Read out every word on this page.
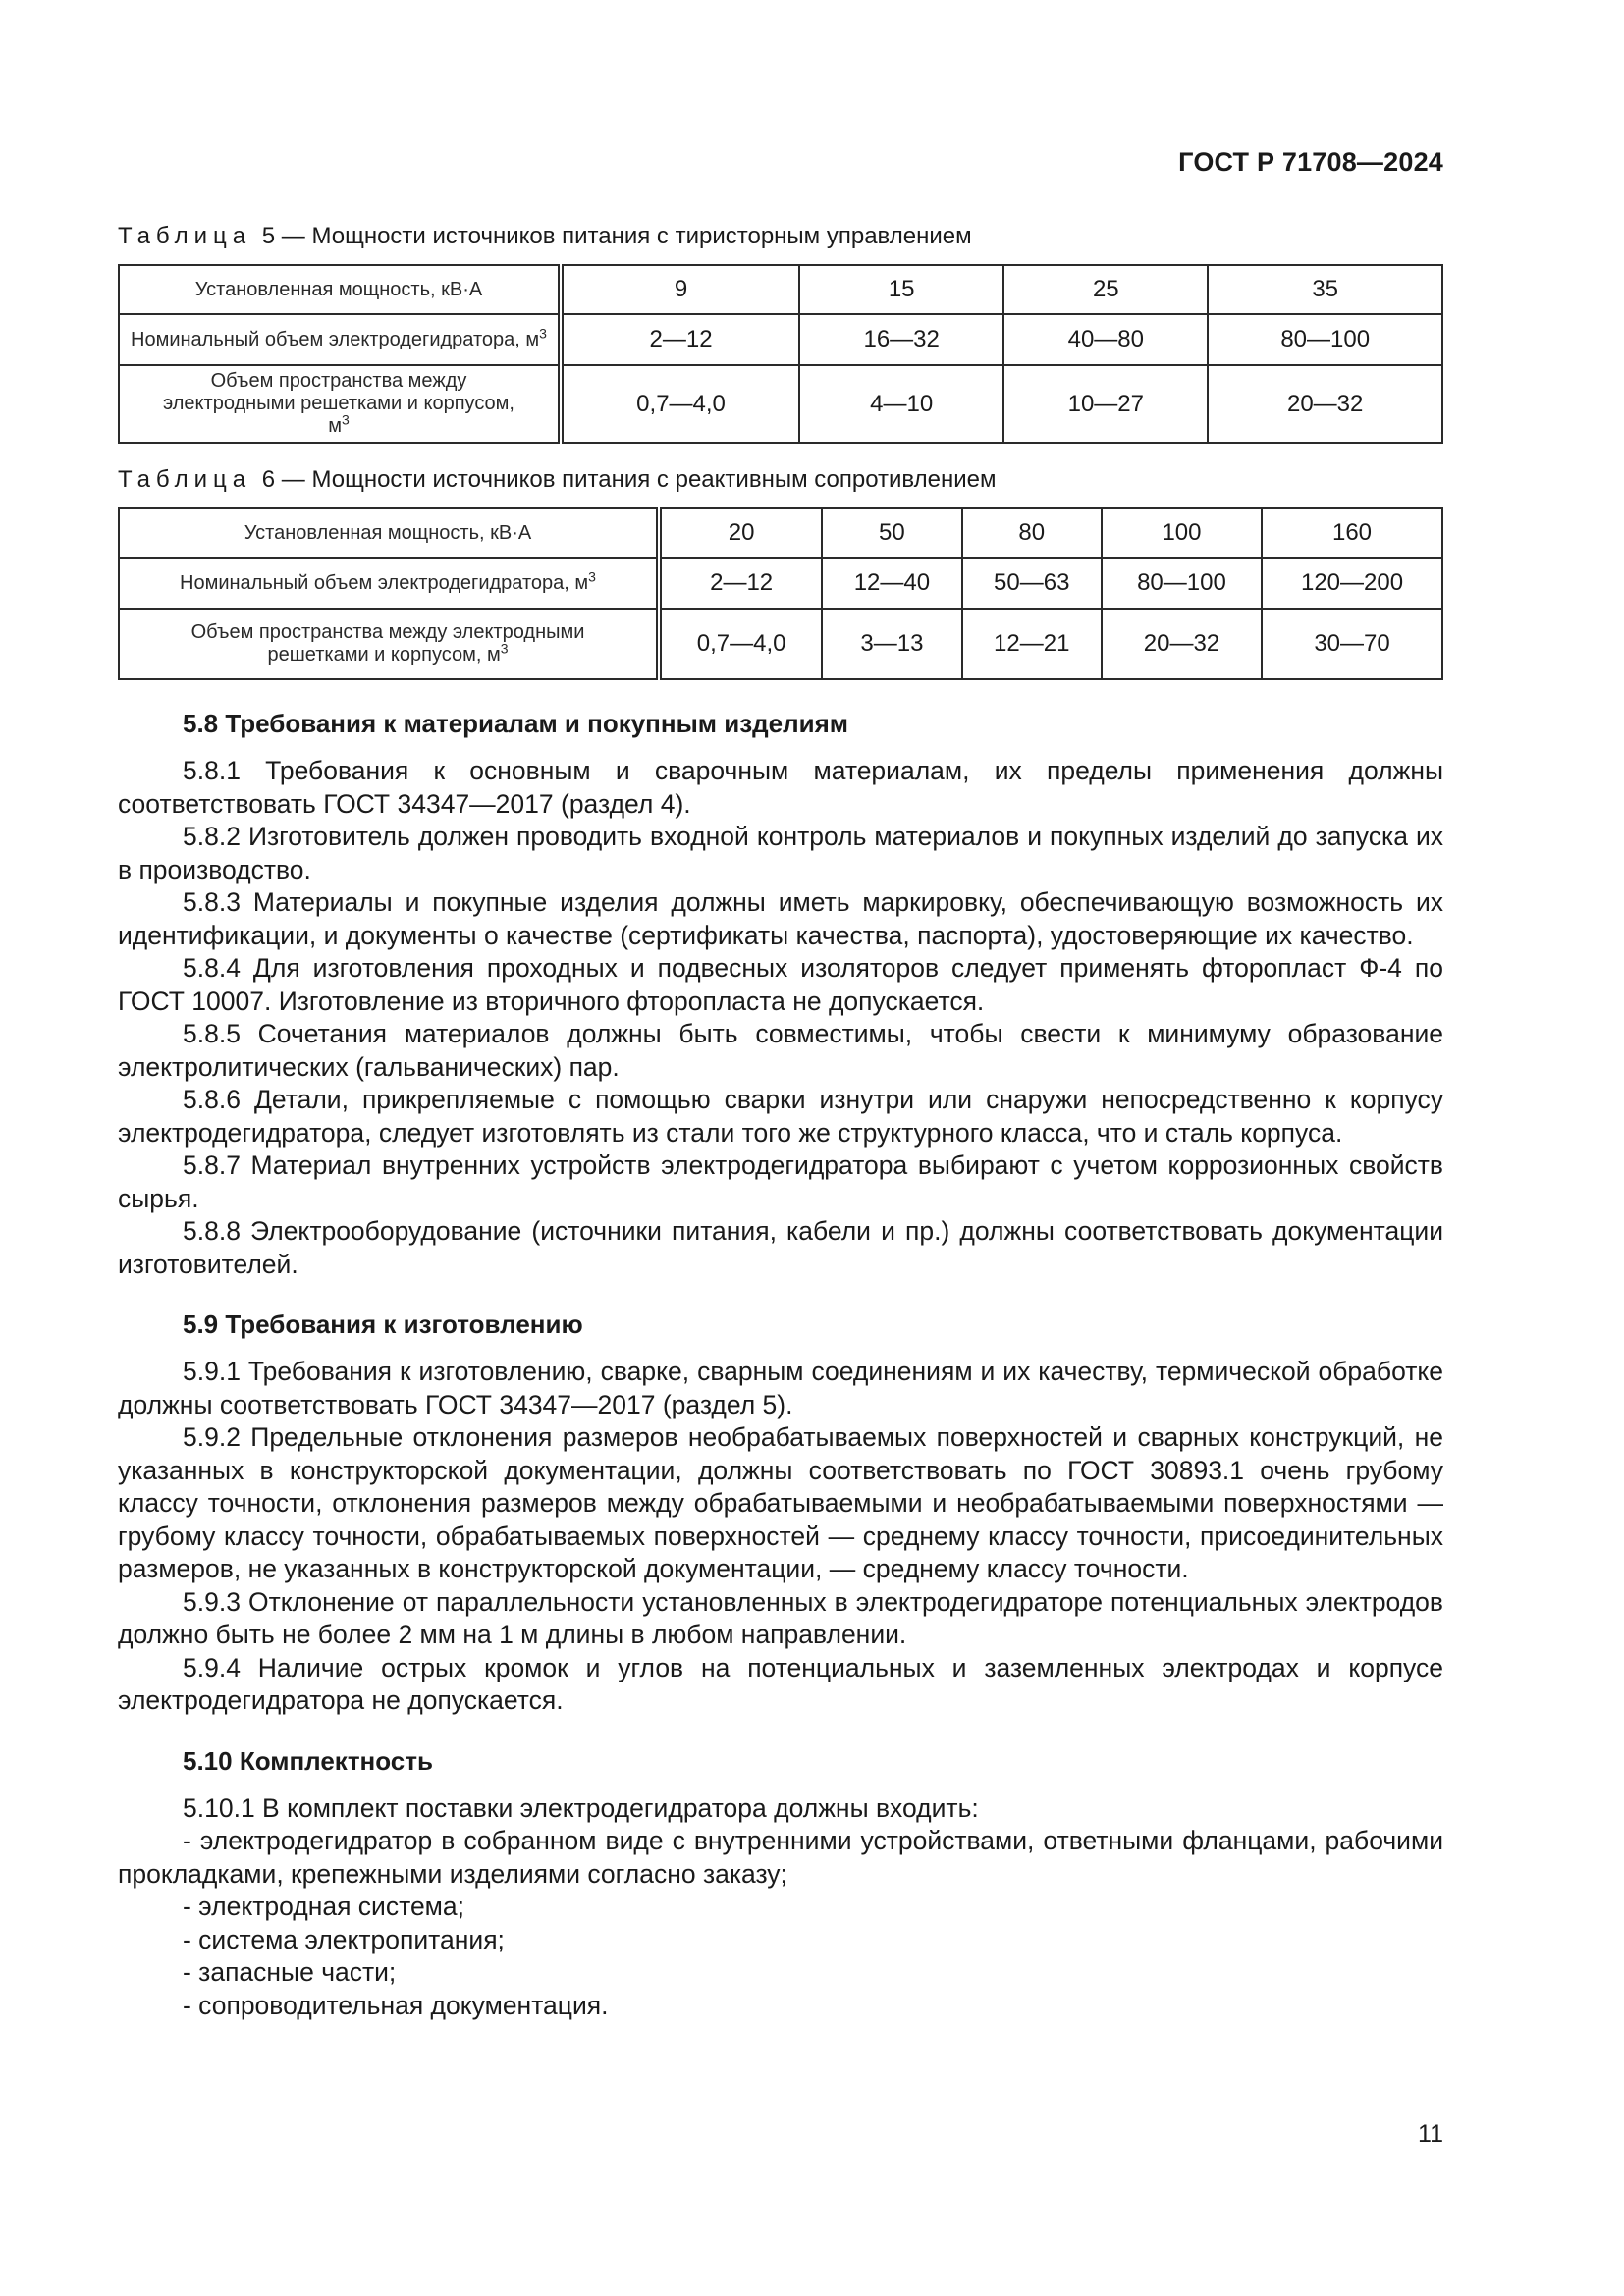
ГОСТ Р 71708—2024
Таблица 5 — Мощности источников питания с тиристорным управлением
Установленная мощность, кВ·А	9	15	25	35
Номинальный объем электродегидратора, $м^3$	2—12	16—32	40—80	80—100
Объем пространства между электродными решетками и корпусом, $м^3$	0,7—4,0	4—10	10—27	20—32
Таблица 6 — Мощности источников питания с реактивным сопротивлением
Установленная мощность, кВ·А	20	50	80	100	160
Номинальный объем электродегидратора, $м^3$	2—12	12—40	50—63	80—100	120—200
Объем пространства между электродными решетками и корпусом, $м^3$	0,7—4,0	3—13	12—21	20—32	30—70
5.8 Требования к материалам и покупным изделиям

5.8.1 Требования к основным и сварочным материалам, их пределы применения должны соответствовать ГОСТ 34347—2017 (раздел 4).

5.8.2 Изготовитель должен проводить входной контроль материалов и покупных изделий до запуска их в производство.

5.8.3 Материалы и покупные изделия должны иметь маркировку, обеспечивающую возможность их идентификации, и документы о качестве (сертификаты качества, паспорта), удостоверяющие их качество.

5.8.4 Для изготовления проходных и подвесных изоляторов следует применять фторопласт Ф-4 по ГОСТ 10007. Изготовление из вторичного фторопласта не допускается.

5.8.5 Сочетания материалов должны быть совместимы, чтобы свести к минимуму образование электролитических (гальванических) пар.

5.8.6 Детали, прикрепляемые с помощью сварки изнутри или снаружи непосредственно к корпусу электродегидратора, следует изготовлять из стали того же структурного класса, что и сталь корпуса.

5.8.7 Материал внутренних устройств электродегидратора выбирают с учетом коррозионных свойств сырья.

5.8.8 Электрооборудование (источники питания, кабели и пр.) должны соответствовать документации изготовителей.

5.9 Требования к изготовлению

5.9.1 Требования к изготовлению, сварке, сварным соединениям и их качеству, термической обработке должны соответствовать ГОСТ 34347—2017 (раздел 5).

5.9.2 Предельные отклонения размеров необрабатываемых поверхностей и сварных конструкций, не указанных в конструкторской документации, должны соответствовать по ГОСТ 30893.1 очень грубому классу точности, отклонения размеров между обрабатываемыми и необрабатываемыми поверхностями — грубому классу точности, обрабатываемых поверхностей — среднему классу точности, присоединительных размеров, не указанных в конструкторской документации, — среднему классу точности.

5.9.3 Отклонение от параллельности установленных в электродегидраторе потенциальных электродов должно быть не более 2 мм на 1 м длины в любом направлении.

5.9.4 Наличие острых кромок и углов на потенциальных и заземленных электродах и корпусе электродегидратора не допускается.

5.10 Комплектность

5.10.1 В комплект поставки электродегидратора должны входить:

- электродегидратор в собранном виде с внутренними устройствами, ответными фланцами, рабочими прокладками, крепежными изделиями согласно заказу;
- электродная система;
- система электропитания;
- запасные части;
- сопроводительная документация.
11
